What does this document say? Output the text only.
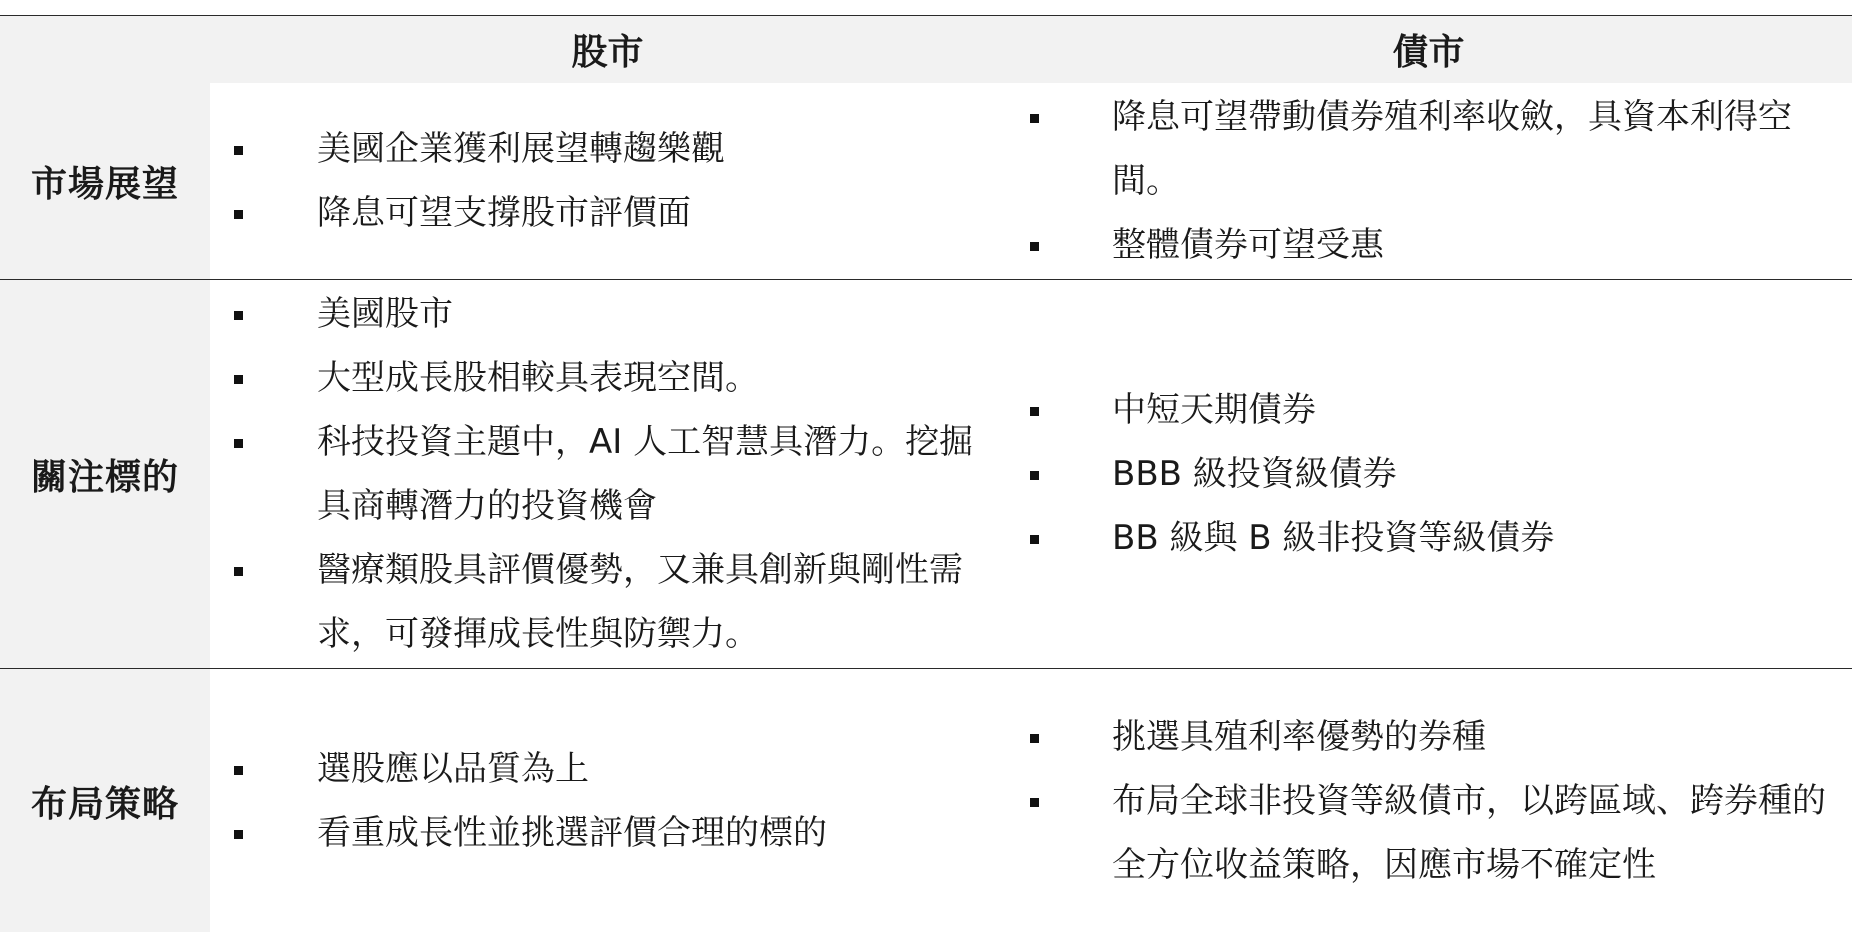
股市	債市
市場展望
美國企業獲利展望轉趨樂觀
降息可望支撐股市評價面
降息可望帶動債券殖利率收斂，具資本利得空間。
整體債券可望受惠
關注標的
美國股市
大型成長股相較具表現空間。
科技投資主題中，AI 人工智慧具潛力。挖掘具商轉潛力的投資機會
醫療類股具評價優勢，又兼具創新與剛性需求，可發揮成長性與防禦力。
中短天期債券
BBB 級投資級債券
BB 級與 B 級非投資等級債券
布局策略
選股應以品質為上
看重成長性並挑選評價合理的標的
挑選具殖利率優勢的券種
布局全球非投資等級債市，以跨區域、跨券種的全方位收益策略，因應市場不確定性
